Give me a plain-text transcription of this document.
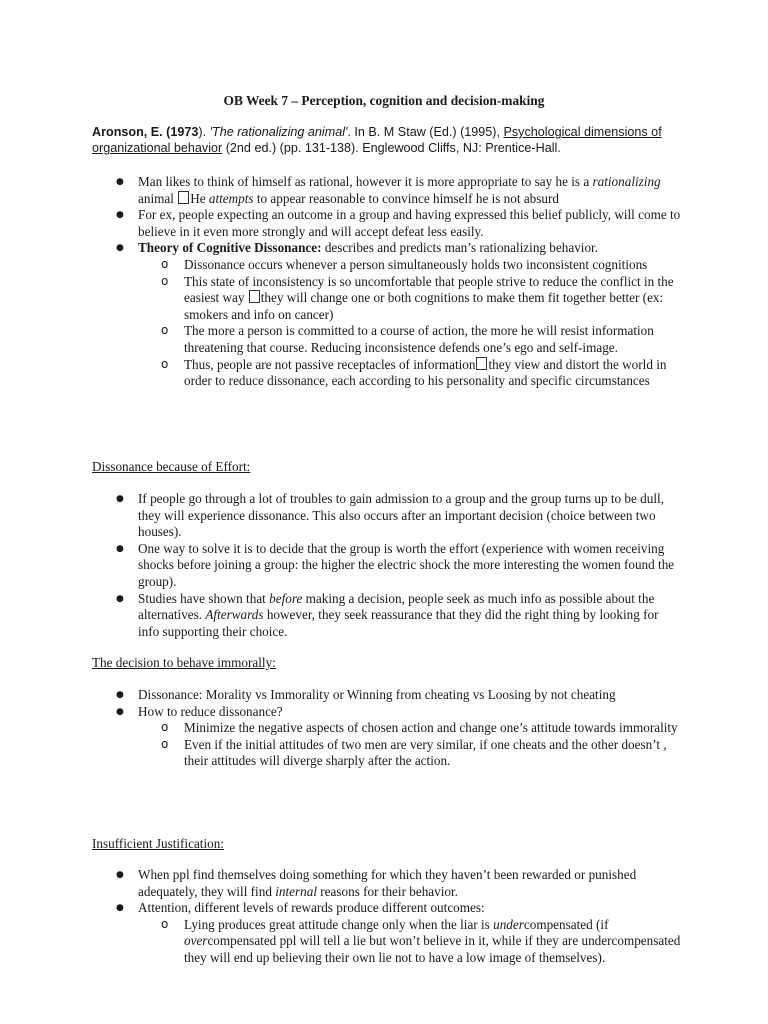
OB Week 7 – Perception, cognition and decision-making
Aronson, E. (1973). 'The rationalizing animal'. In B. M Staw (Ed.) (1995), Psychological dimensions of organizational behavior (2nd ed.) (pp. 131-138). Englewood Cliffs, NJ: Prentice-Hall.
● Man likes to think of himself as rational, however it is more appropriate to say he is a rationalizing animal He attempts to appear reasonable to convince himself he is not absurd
● For ex, people expecting an outcome in a group and having expressed this belief publicly, will come to believe in it even more strongly and will accept defeat less easily.
● Theory of Cognitive Dissonance: describes and predicts man’s rationalizing behavior.
o Dissonance occurs whenever a person simultaneously holds two inconsistent cognitions
o This state of inconsistency is so uncomfortable that people strive to reduce the conflict in the easiest way they will change one or both cognitions to make them fit together better (ex: smokers and info on cancer)
o The more a person is committed to a course of action, the more he will resist information threatening that course. Reducing inconsistence defends one’s ego and self-image.
o Thus, people are not passive receptacles of information they view and distort the world in order to reduce dissonance, each according to his personality and specific circumstances
Dissonance because of Effort:
● If people go through a lot of troubles to gain admission to a group and the group turns up to be dull, they will experience dissonance. This also occurs after an important decision (choice between two houses).
● One way to solve it is to decide that the group is worth the effort (experience with women receiving shocks before joining a group: the higher the electric shock the more interesting the women found the group).
● Studies have shown that before making a decision, people seek as much info as possible about the alternatives. Afterwards however, they seek reassurance that they did the right thing by looking for info supporting their choice.
The decision to behave immorally:
● Dissonance: Morality vs Immorality or Winning from cheating vs Loosing by not cheating
● How to reduce dissonance?
o Minimize the negative aspects of chosen action and change one’s attitude towards immorality
o Even if the initial attitudes of two men are very similar, if one cheats and the other doesn’t , their attitudes will diverge sharply after the action.
Insufficient Justification:
● When ppl find themselves doing something for which they haven’t been rewarded or punished adequately, they will find internal reasons for their behavior.
● Attention, different levels of rewards produce different outcomes:
o Lying produces great attitude change only when the liar is undercompensated (if overcompensated ppl will tell a lie but won’t believe in it, while if they are undercompensated they will end up believing their own lie not to have a low image of themselves).
